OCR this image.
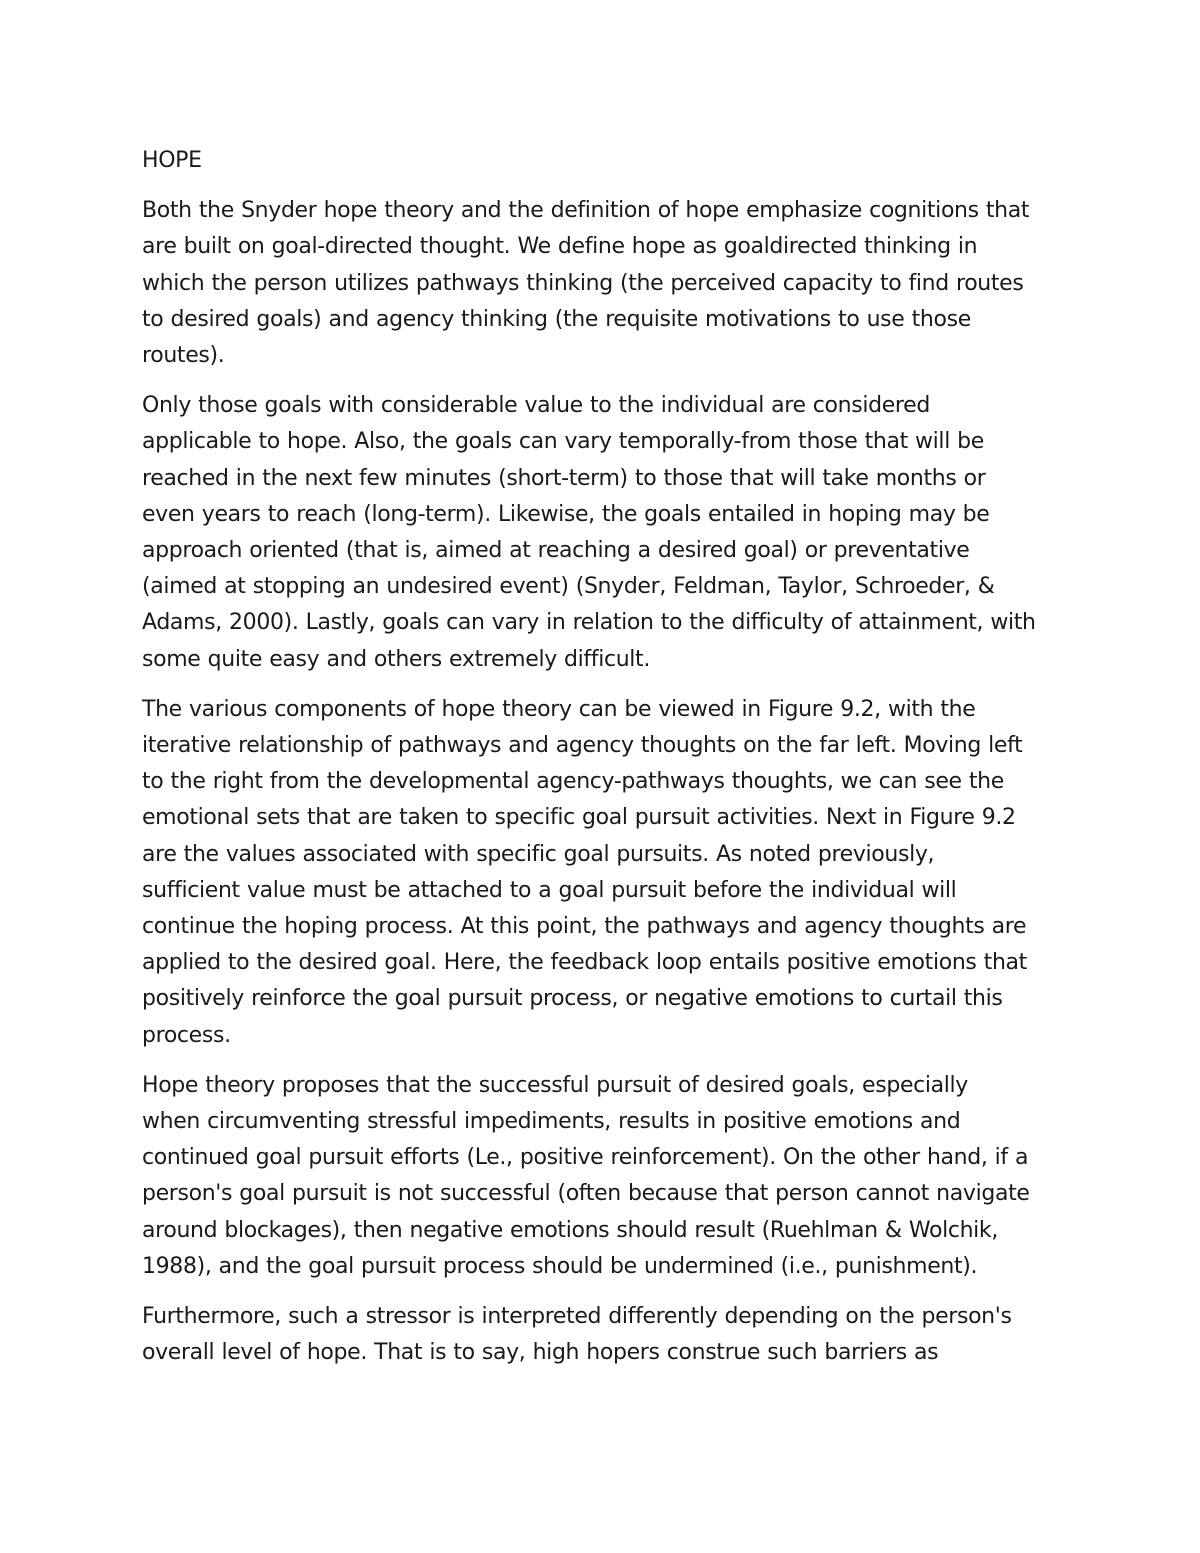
HOPE
Both the Snyder hope theory and the definition of hope emphasize cognitions that
are built on goal-directed thought. We define hope as goaldirected thinking in
which the person utilizes pathways thinking (the perceived capacity to find routes
to desired goals) and agency thinking (the requisite motivations to use those
routes).
Only those goals with considerable value to the individual are considered
applicable to hope. Also, the goals can vary temporally-from those that will be
reached in the next few minutes (short-term) to those that will take months or
even years to reach (long-term). Likewise, the goals entailed in hoping may be
approach oriented (that is, aimed at reaching a desired goal) or preventative
(aimed at stopping an undesired event) (Snyder, Feldman, Taylor, Schroeder, &
Adams, 2000). Lastly, goals can vary in relation to the difficulty of attainment, with
some quite easy and others extremely difficult.
The various components of hope theory can be viewed in Figure 9.2, with the
iterative relationship of pathways and agency thoughts on the far left. Moving left
to the right from the developmental agency-pathways thoughts, we can see the
emotional sets that are taken to specific goal pursuit activities. Next in Figure 9.2
are the values associated with specific goal pursuits. As noted previously,
sufficient value must be attached to a goal pursuit before the individual will
continue the hoping process. At this point, the pathways and agency thoughts are
applied to the desired goal. Here, the feedback loop entails positive emotions that
positively reinforce the goal pursuit process, or negative emotions to curtail this
process.
Hope theory proposes that the successful pursuit of desired goals, especially
when circumventing stressful impediments, results in positive emotions and
continued goal pursuit efforts (Le., positive reinforcement). On the other hand, if a
person's goal pursuit is not successful (often because that person cannot navigate
around blockages), then negative emotions should result (Ruehlman & Wolchik,
1988), and the goal pursuit process should be undermined (i.e., punishment).
Furthermore, such a stressor is interpreted differently depending on the person's
overall level of hope. That is to say, high hopers construe such barriers as
